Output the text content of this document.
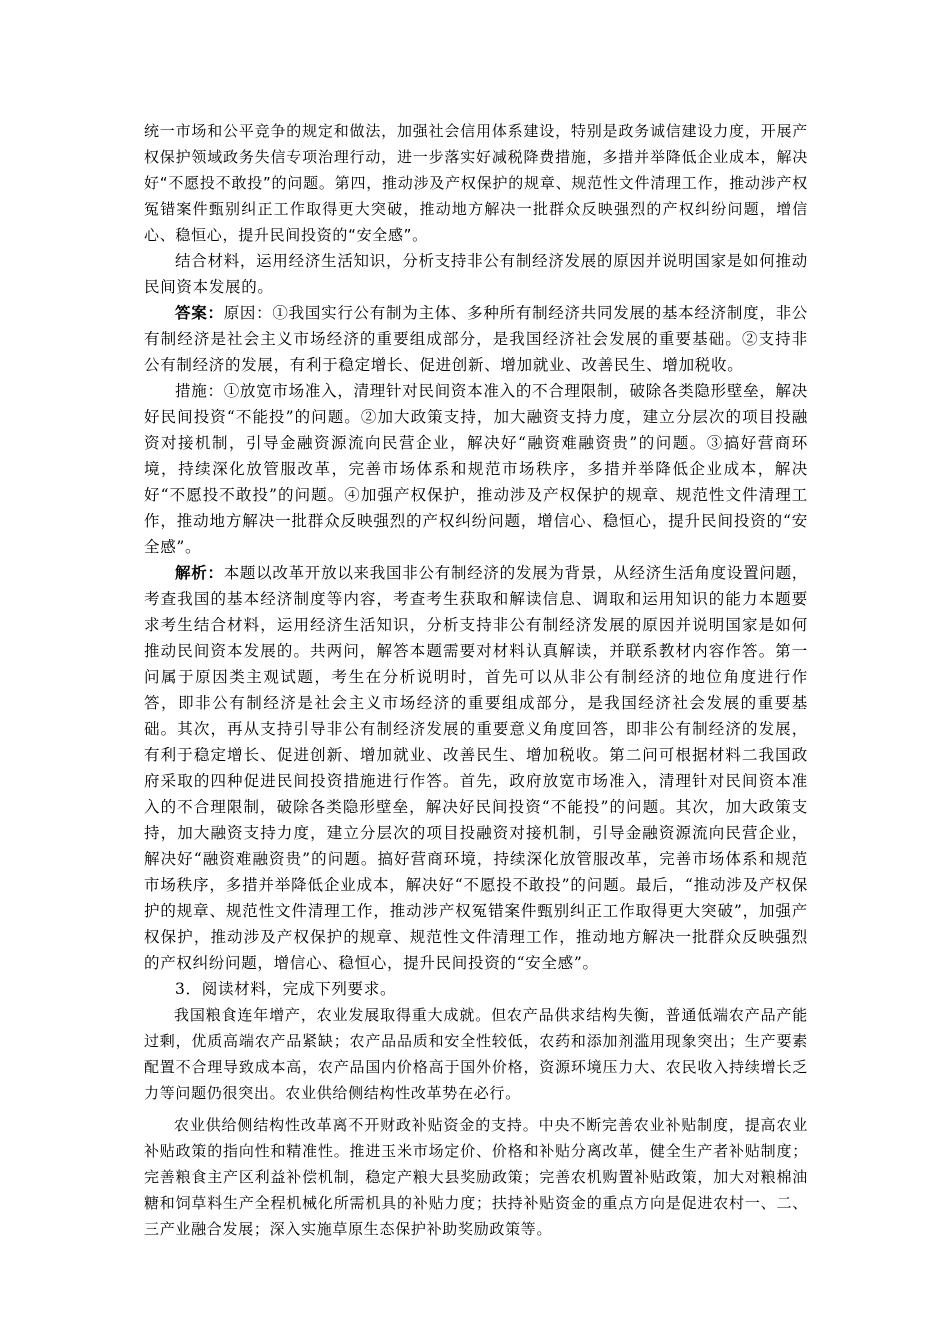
统一市场和公平竞争的规定和做法，加强社会信用体系建设，特别是政务诚信建设力度，开展产权保护领域政务失信专项治理行动，进一步落实好减税降费措施，多措并举降低企业成本，解决好“不愿投不敢投”的问题。第四，推动涉及产权保护的规章、规范性文件清理工作，推动涉产权冤错案件甄别纠正工作取得更大突破，推动地方解决一批群众反映强烈的产权纠纷问题，增信心、稳恒心，提升民间投资的“安全感”。

结合材料，运用经济生活知识，分析支持非公有制经济发展的原因并说明国家是如何推动民间资本发展的。

答案：原因：①我国实行公有制为主体、多种所有制经济共同发展的基本经济制度，非公有制经济是社会主义市场经济的重要组成部分，是我国经济社会发展的重要基础。②支持非公有制经济的发展，有利于稳定增长、促进创新、增加就业、改善民生、增加税收。

措施：①放宽市场准入，清理针对民间资本准入的不合理限制，破除各类隐形壁垒，解决好民间投资“不能投”的问题。②加大政策支持，加大融资支持力度，建立分层次的项目投融资对接机制，引导金融资源流向民营企业，解决好“融资难融资贵”的问题。③搞好营商环境，持续深化放管服改革，完善市场体系和规范市场秩序，多措并举降低企业成本，解决好“不愿投不敢投”的问题。④加强产权保护，推动涉及产权保护的规章、规范性文件清理工作，推动地方解决一批群众反映强烈的产权纠纷问题，增信心、稳恒心，提升民间投资的“安全感”。

解析：本题以改革开放以来我国非公有制经济的发展为背景，从经济生活角度设置问题，考查我国的基本经济制度等内容，考查考生获取和解读信息、调取和运用知识的能力本题要求考生结合材料，运用经济生活知识，分析支持非公有制经济发展的原因并说明国家是如何推动民间资本发展的。共两问，解答本题需要对材料认真解读，并联系教材内容作答。第一问属于原因类主观试题，考生在分析说明时，首先可以从非公有制经济的地位角度进行作答，即非公有制经济是社会主义市场经济的重要组成部分，是我国经济社会发展的重要基础。其次，再从支持引导非公有制经济发展的重要意义角度回答，即非公有制经济的发展，有利于稳定增长、促进创新、增加就业、改善民生、增加税收。第二问可根据材料二我国政府采取的四种促进民间投资措施进行作答。首先，政府放宽市场准入，清理针对民间资本准入的不合理限制，破除各类隐形壁垒，解决好民间投资“不能投”的问题。其次，加大政策支持，加大融资支持力度，建立分层次的项目投融资对接机制，引导金融资源流向民营企业，解决好“融资难融资贵”的问题。搞好营商环境，持续深化放管服改革，完善市场体系和规范市场秩序，多措并举降低企业成本，解决好“不愿投不敢投”的问题。最后，“推动涉及产权保护的规章、规范性文件清理工作，推动涉产权冤错案件甄别纠正工作取得更大突破”，加强产权保护，推动涉及产权保护的规章、规范性文件清理工作，推动地方解决一批群众反映强烈的产权纠纷问题，增信心、稳恒心，提升民间投资的“安全感”。

3．阅读材料，完成下列要求。

我国粮食连年增产，农业发展取得重大成就。但农产品供求结构失衡，普通低端农产品产能过剩，优质高端农产品紧缺；农产品品质和安全性较低，农药和添加剂滥用现象突出；生产要素配置不合理导致成本高，农产品国内价格高于国外价格，资源环境压力大、农民收入持续增长乏力等问题仍很突出。农业供给侧结构性改革势在必行。

农业供给侧结构性改革离不开财政补贴资金的支持。中央不断完善农业补贴制度，提高农业补贴政策的指向性和精准性。推进玉米市场定价、价格和补贴分离改革，健全生产者补贴制度；完善粮食主产区利益补偿机制，稳定产粮大县奖励政策；完善农机购置补贴政策，加大对粮棉油糖和饲草料生产全程机械化所需机具的补贴力度；扶持补贴资金的重点方向是促进农村一、二、三产业融合发展；深入实施草原生态保护补助奖励政策等。
